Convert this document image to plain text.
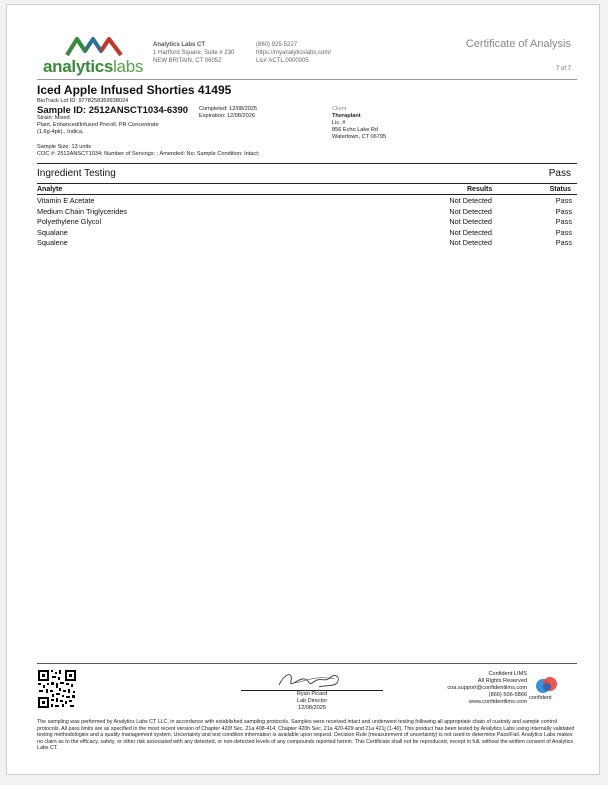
analyticslabs
Analytics Labs CT
1 Hartford Square, Suite # 230
NEW BRITAIN, CT 06052
(860) 925-5227
https://myanalyticslabs.com/
Lic# ACTL.0000005
Certificate of Analysis
7 of 7
Iced Apple Infused Shorties 41495
BioTrack Lot ID: 9778258369938024
Sample ID: 2512ANSCT1034-6390 Completed: 12/08/2025
Expiration: 12/08/2026
Strain: Mixed
Plant, Enhanced/Infused Preroll, PR Concentrate
(1.6g-4pk)., Indica,
Sample Size: 13 units
COC #: 2512ANSCT1034; Number of Servings: ; Amended: No; Sample Condition: Intact;
Client
Theraplant
Lic. #
856 Echo Lake Rd
Watertown, CT 06795
Ingredient Testing	Pass
Analyte	Results	Status
Vitamin E Acetate	Not Detected	Pass
Medium Chain Triglycerides	Not Detected	Pass
Polyethylene Glycol	Not Detected	Pass
Squalane	Not Detected	Pass
Squalene	Not Detected	Pass
Ryan Picard
Lab Director
12/08/2025
Confident LIMS
All Rights Reserved
coa.support@confidentlims.com
(866) 506-5866
www.confidentlims.com
confident
The sampling was performed by Analytics Labs CT LLC, in accordance with established sampling protocols. Samples were received intact and underwent testing following all appropriate chain of custody and sample control protocols. All pass limits are as specified in the most recent version of Chapter 420f Sec. 21a 408-414, Chapter 420h Sec. 21a 420-429 and 21a 421j (1-40). This product has been tested by Analytics Labs using internally validated testing methodologies and a quality management system. Uncertainty and test condition information is available upon request. Decision Rule (measurement of uncertainty) is not used to determine Pass/Fail. Analytics Labs makes no claim as to the efficacy, safety, or other risk associated with any detected, or non-detected levels of any compounds reported herein. This Certificate shall not be reproduced, except in full, without the written consent of Analytics Labs CT.
